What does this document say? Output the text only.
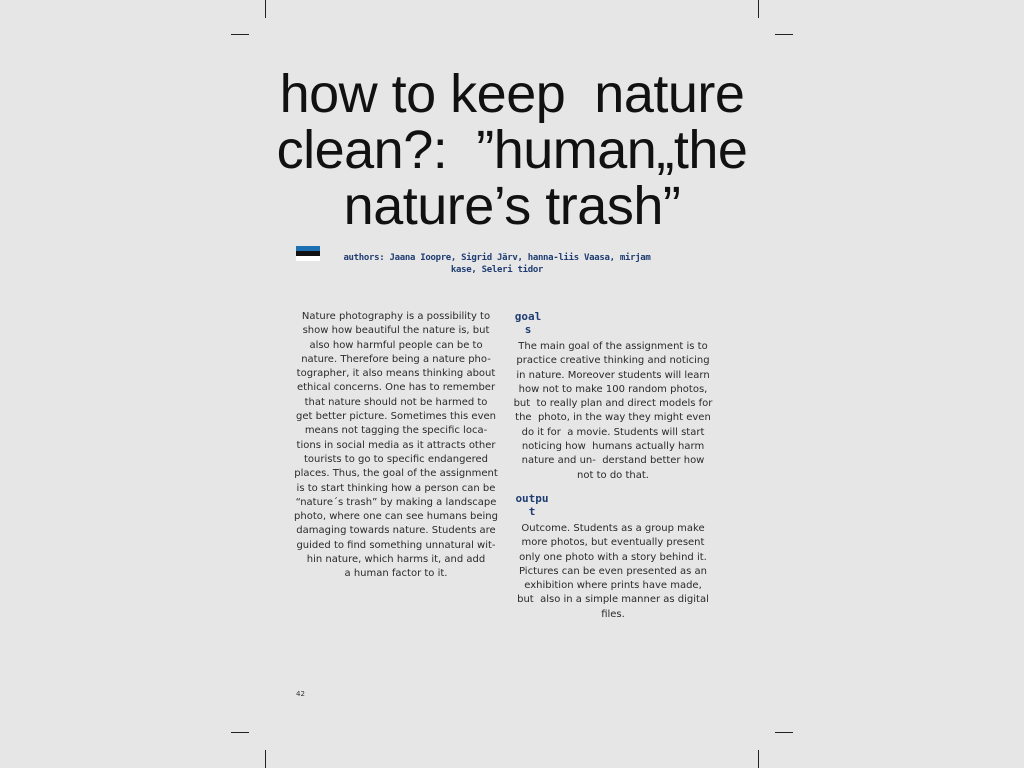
how to keep  nature
clean?:  ”human„the
nature’s trash”
authors: Jaana Ioopre, Sigrid Järv, hanna-liis Vaasa, mirjam
kase, Seleri tidor
Nature photography is a possibility to
show how beautiful the nature is, but
also how harmful people can be to
nature. Therefore being a nature pho-
tographer, it also means thinking about
ethical concerns. One has to remember
that nature should not be harmed to
get better picture. Sometimes this even
means not tagging the specific loca-
tions in social media as it attracts other
tourists to go to specific endangered
places. Thus, the goal of the assignment
is to start thinking how a person can be
“nature´s trash” by making a landscape
photo, where one can see humans being
damaging towards nature. Students are
guided to find something unnatural wit-
hin nature, which harms it, and add
a human factor to it.
goal
s
The main goal of the assignment is to
practice creative thinking and noticing
in nature. Moreover students will learn
how not to make 100 random photos,
but  to really plan and direct models for
the  photo, in the way they might even
do it for  a movie. Students will start
noticing how  humans actually harm
nature and un-  derstand better how
not to do that.
outpu
t
Outcome. Students as a group make
more photos, but eventually present
only one photo with a story behind it.
Pictures can be even presented as an
exhibition where prints have made,
but  also in a simple manner as digital
files.
42
